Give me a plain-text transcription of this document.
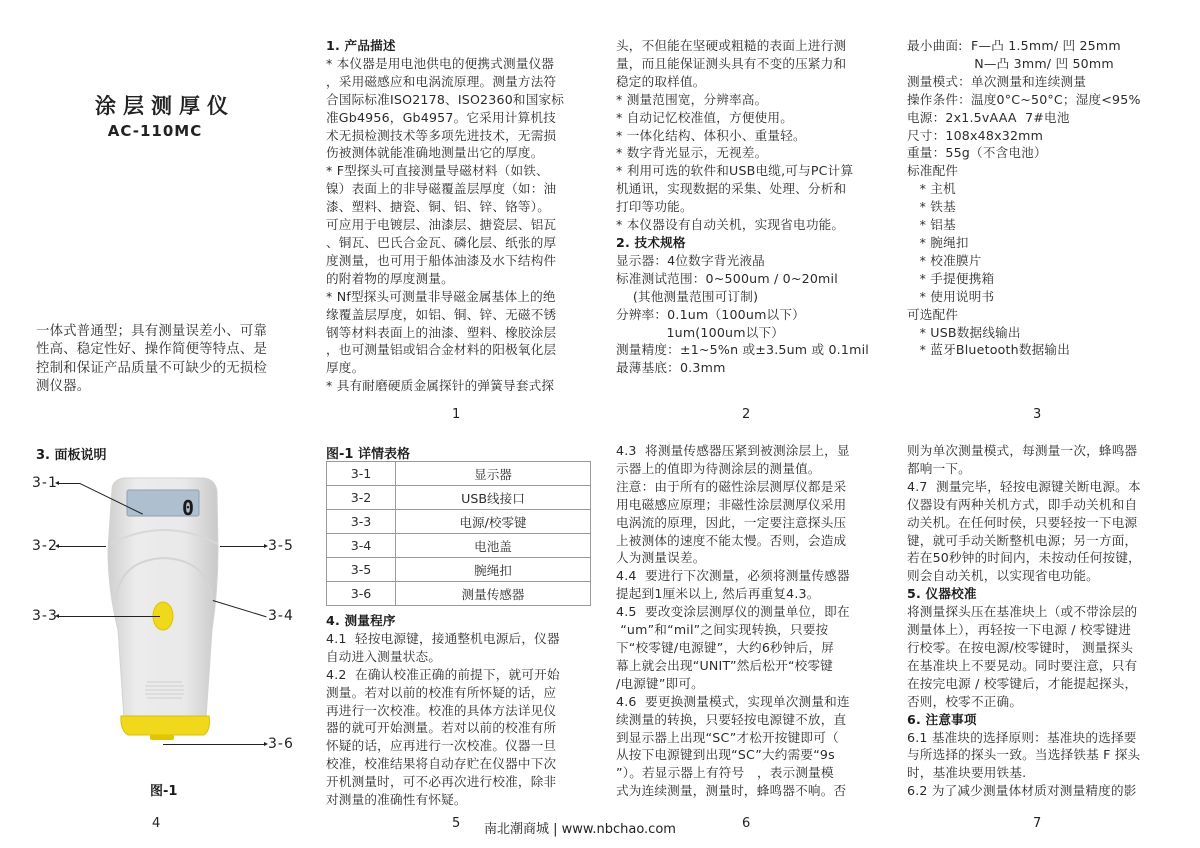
涂层测厚仪
AC-110MC
一体式普通型；具有测量误差小、可靠
性高、稳定性好、操作简便等特点、是
控制和保证产品质量不可缺少的无损检
测仪器。
1. 产品描述
* 本仪器是用电池供电的便携式测量仪器
，采用磁感应和电涡流原理。测量方法符
合国际标准ISO2178、ISO2360和国家标
准Gb4956，Gb4957。它采用计算机技
术无损检测技术等多项先进技术，无需损
伤被测体就能准确地测量出它的厚度。
* F型探头可直接测量导磁材料（如铁、
镍）表面上的非导磁覆盖层厚度（如：油
漆、塑料、搪瓷、铜、铝、锌、铬等）。
可应用于电镀层、油漆层、搪瓷层、铝瓦
、铜瓦、巴氏合金瓦、磷化层、纸张的厚
度测量，也可用于船体油漆及水下结构件
的附着物的厚度测量。
* Nf型探头可测量非导磁金属基体上的绝
缘覆盖层厚度，如铝、铜、锌、无磁不锈
钢等材料表面上的油漆、塑料、橡胶涂层
，也可测量铝或铝合金材料的阳极氧化层
厚度。
* 具有耐磨硬质金属探针的弹簧导套式探
1
头，不但能在坚硬或粗糙的表面上进行测
量，而且能保证测头具有不变的压紧力和
稳定的取样值。
* 测量范围宽，分辨率高。
* 自动记忆校准值，方便使用。
* 一体化结构、体积小、重量轻。
* 数字背光显示，无视差。
* 利用可选的软件和USB电缆,可与PC计算
机通讯，实现数据的采集、处理、分析和
打印等功能。
* 本仪器设有自动关机，实现省电功能。
2. 技术规格
显示器：4位数字背光液晶
标准测试范围：0~500um / 0~20mil
(其他测量范围可订制)
分辨率：0.1um（100um以下）
1um(100um以下）
测量精度：±1~5%n 或±3.5um 或 0.1mil
最薄基底：0.3mm
2
最小曲面:  F—凸 1.5mm/ 凹 25mm
N—凸 3mm/ 凹 50mm
测量模式：单次测量和连续测量
操作条件：温度0°C~50°C；湿度<95%
电源：2x1.5vAAA  7#电池
尺寸：108x48x32mm
重量：55g（不含电池）
标准配件
* 主机
* 铁基
* 铝基
* 腕绳扣
* 校准膜片
* 手提便携箱
* 使用说明书
可选配件
* USB数据线输出
* 蓝牙Bluetooth数据输出
3
3. 面板说明
0
3-1
3-2
3-3	3-4
3-5
3-6
图-1
4
图-1 详情表格
3-1	显示器
3-2	USB线接口
3-3	电源/校零键
3-4	电池盖
3-5	腕绳扣
3-6	测量传感器
4. 测量程序
4.1  轻按电源键，接通整机电源后，仪器
自动进入测量状态。
4.2  在确认校准正确的前提下，就可开始
测量。若对以前的校准有所怀疑的话，应
再进行一次校准。校准的具体方法详见仪
器的就可开始测量。若对以前的校准有所
怀疑的话，应再进行一次校准。仪器一旦
校准，校准结果将自动存贮在仪器中下次
开机测量时，可不必再次进行校准，除非
对测量的准确性有怀疑。
5
4.3  将测量传感器压紧到被测涂层上，显
示器上的值即为待测涂层的测量值。
注意：由于所有的磁性涂层测厚仪都是采
用电磁感应原理；非磁性涂层测厚仪采用
电涡流的原理，因此，一定要注意探头压
上被测体的速度不能太慢。否则，会造成
人为测量误差。
4.4  要进行下次测量，必须将测量传感器
提起到1厘米以上, 然后再重复4.3。
4.5  要改变涂层测厚仪的测量单位，即在
“um”和“mil”之间实现转换，只要按
下“校零键/电源键”，大约6秒钟后，屏
幕上就会出现“UNIT”然后松开“校零键
/电源键”即可。
4.6  要更换测量模式，实现单次测量和连
续测量的转换，只要轻按电源键不放，直
到显示器上出现“SC”才松开按键即可（
从按下电源键到出现“SC”大约需要“9s
”）。若显示器上有符号   ，表示测量模
式为连续测量，测量时，蜂鸣器不响。否
6
则为单次测量模式，每测量一次，蜂鸣器
都响一下。
4.7  测量完毕，轻按电源键关断电源。本
仪器设有两种关机方式，即手动关机和自
动关机。在任何时侯，只要轻按一下电源
键，就可手动关断整机电源；另一方面，
若在50秒钟的时间内，未按动任何按键，
则会自动关机，以实现省电功能。
5. 仪器校准
将测量探头压在基准块上（或不带涂层的
测量体上），再轻按一下电源 / 校零键进
行校零。在按电源/校零键时， 测量探头
在基准块上不要晃动。同时要注意，只有
在按完电源 / 校零键后，才能提起探头，
否则，校零不正确。
6. 注意事项
6.1 基准块的选择原则：基准块的选择要
与所选择的探头一致。当选择铁基 F 探头
时，基准块要用铁基.
6.2 为了减少测量体材质对测量精度的影
7
南北潮商城 | www.nbchao.com
